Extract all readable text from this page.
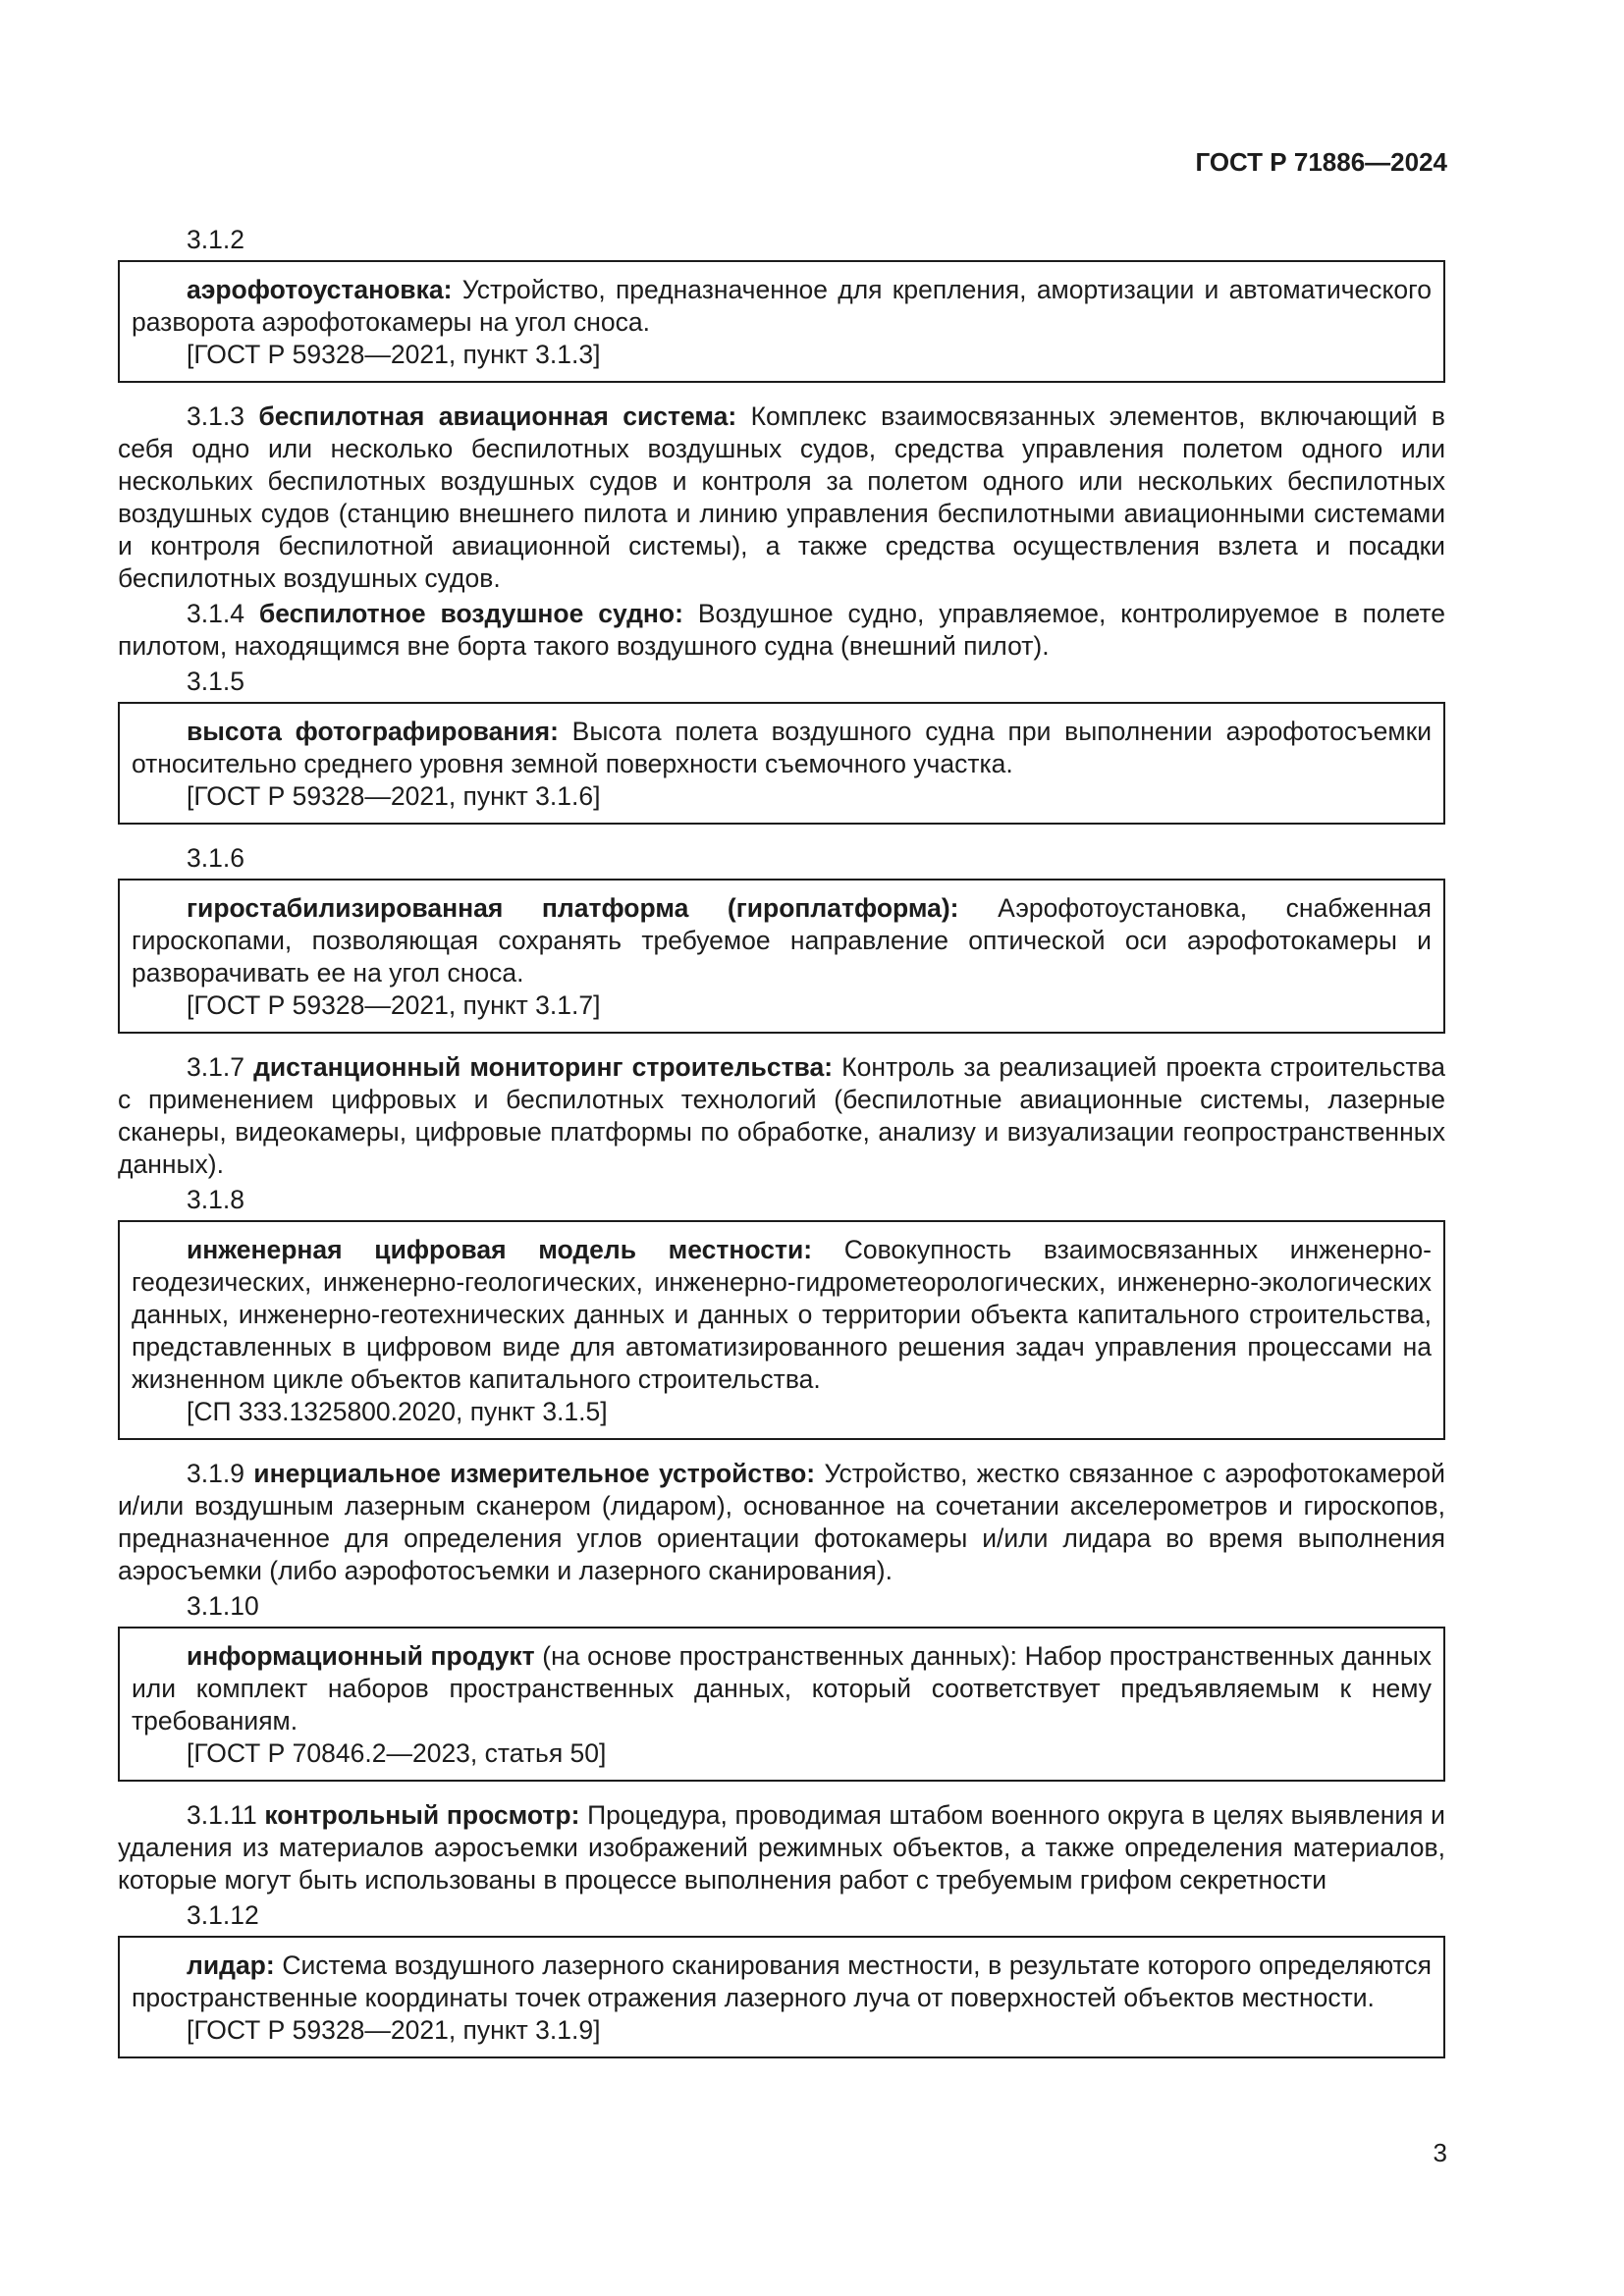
ГОСТ Р 71886—2024
3.1.2

аэрофотоустановка: Устройство, предназначенное для крепления, амортизации и автоматического разворота аэрофотокамеры на угол сноса.

[ГОСТ Р 59328—2021, пункт 3.1.3]

3.1.3 беспилотная авиационная система: Комплекс взаимосвязанных элементов, включающий в себя одно или несколько беспилотных воздушных судов, средства управления полетом одного или нескольких беспилотных воздушных судов и контроля за полетом одного или нескольких беспилотных воздушных судов (станцию внешнего пилота и линию управления беспилотными авиационными системами и контроля беспилотной авиационной системы), а также средства осуществления взлета и посадки беспилотных воздушных судов.

3.1.4 беспилотное воздушное судно: Воздушное судно, управляемое, контролируемое в полете пилотом, находящимся вне борта такого воздушного судна (внешний пилот).

3.1.5

высота фотографирования: Высота полета воздушного судна при выполнении аэрофотосъемки относительно среднего уровня земной поверхности съемочного участка.

[ГОСТ Р 59328—2021, пункт 3.1.6]

3.1.6

гиростабилизированная платформа (гироплатформа): Аэрофотоустановка, снабженная гироскопами, позволяющая сохранять требуемое направление оптической оси аэрофотокамеры и разворачивать ее на угол сноса.

[ГОСТ Р 59328—2021, пункт 3.1.7]

3.1.7 дистанционный мониторинг строительства: Контроль за реализацией проекта строительства с применением цифровых и беспилотных технологий (беспилотные авиационные системы, лазерные сканеры, видеокамеры, цифровые платформы по обработке, анализу и визуализации геопространственных данных).

3.1.8

инженерная цифровая модель местности: Совокупность взаимосвязанных инженерно-геодезических, инженерно-геологических, инженерно-гидрометеорологических, инженерно-экологических данных, инженерно-геотехнических данных и данных о территории объекта капитального строительства, представленных в цифровом виде для автоматизированного решения задач управления процессами на жизненном цикле объектов капитального строительства.

[СП 333.1325800.2020, пункт 3.1.5]

3.1.9 инерциальное измерительное устройство: Устройство, жестко связанное с аэрофотокамерой и/или воздушным лазерным сканером (лидаром), основанное на сочетании акселерометров и гироскопов, предназначенное для определения углов ориентации фотокамеры и/или лидара во время выполнения аэросъемки (либо аэрофотосъемки и лазерного сканирования).

3.1.10

информационный продукт (на основе пространственных данных): Набор пространственных данных или комплект наборов пространственных данных, который соответствует предъявляемым к нему требованиям.

[ГОСТ Р 70846.2—2023, статья 50]

3.1.11 контрольный просмотр: Процедура, проводимая штабом военного округа в целях выявления и удаления из материалов аэросъемки изображений режимных объектов, а также определения материалов, которые могут быть использованы в процессе выполнения работ с требуемым грифом секретности

3.1.12

лидар: Система воздушного лазерного сканирования местности, в результате которого определяются пространственные координаты точек отражения лазерного луча от поверхностей объектов местности.

[ГОСТ Р 59328—2021, пункт 3.1.9]

3
